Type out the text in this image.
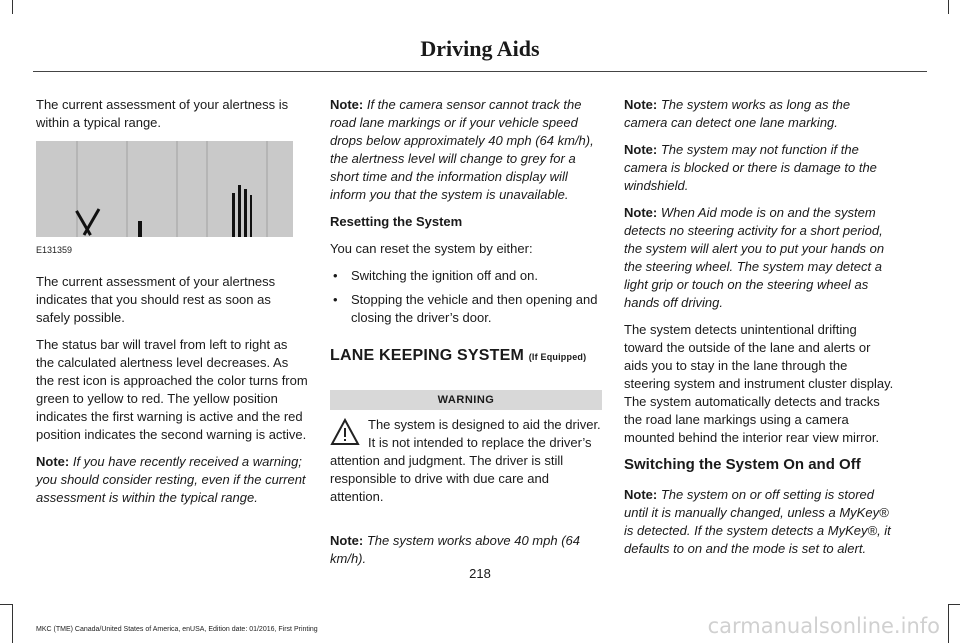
Driving Aids

The current assessment of your alertness is within a typical range.

E131359

The current assessment of your alertness indicates that you should rest as soon as safely possible.

The status bar will travel from left to right as the calculated alertness level decreases. As the rest icon is approached the color turns from green to yellow to red. The yellow position indicates the first warning is active and the red position indicates the second warning is active.

Note: If you have recently received a warning; you should consider resting, even if the current assessment is within the typical range.

Note: If the camera sensor cannot track the road lane markings or if your vehicle speed drops below approximately 40 mph (64 km/h), the alertness level will change to grey for a short time and the information display will inform you that the system is unavailable.

Resetting the System

You can reset the system by either:

• Switching the ignition off and on.
• Stopping the vehicle and then opening and closing the driver’s door.
LANE KEEPING SYSTEM (If Equipped)
WARNING
The system is designed to aid the driver. It is not intended to replace the driver’s attention and judgment. The driver is still responsible to drive with due care and attention.

Note: The system works above 40 mph (64 km/h).

Note: The system works as long as the camera can detect one lane marking.

Note: The system may not function if the camera is blocked or there is damage to the windshield.

Note: When Aid mode is on and the system detects no steering activity for a short period, the system will alert you to put your hands on the steering wheel. The system may detect a light grip or touch on the steering wheel as hands off driving.

The system detects unintentional drifting toward the outside of the lane and alerts or aids you to stay in the lane through the steering system and instrument cluster display. The system automatically detects and tracks the road lane markings using a camera mounted behind the interior rear view mirror.

Switching the System On and Off

Note: The system on or off setting is stored until it is manually changed, unless a MyKey® is detected. If the system detects a MyKey®, it defaults to on and the mode is set to alert.

218
MKC (TME) Canada/United States of America, enUSA, Edition date: 01/2016, First Printing	carmanualsonline.info
